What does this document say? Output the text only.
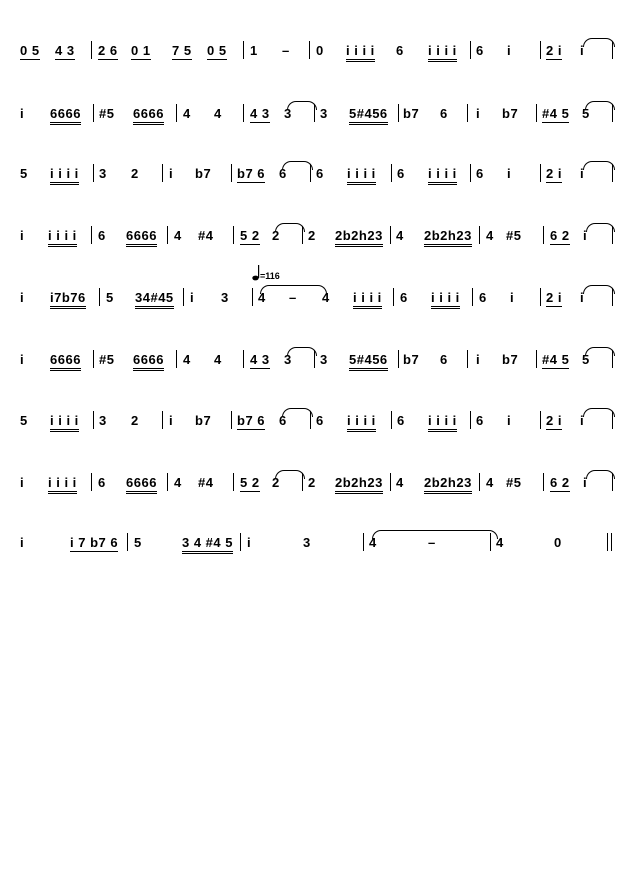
=116
0 5 4 3 2 6 0 1 7 5 0 5 1 – 0 i i i i 6 i i i i 6 i	2 i i
i 6666 #5 6666 4 4 4 3 3 3 5#456 b7 6 i b7 #4 5 5
5 i i i i 3 2 i b7 b7 6 6 6 i i i i 6 i i i i 6 i	2 i i
i i i i i 6 6666 4 #4 5 2 2 2 2b2h23 4 2b2h23 4 #5 6 2 i
i i7b76 5 34#45 i 3 4 – 4 i i i i 6 i i i i 6 i 2 i i
i 6666 #5 6666 4 4 4 3 3 3 5#456 b7 6 i b7 #4 5 5
5 i i i i 3 2 i b7 b7 6 6 6 i i i i 6 i i i i 6 i	2 i i
i i i i i 6 6666 4 #4 5 2 2 2 2b2h23 4 2b2h23 4 #5 6 2 i
i	i 7 b7 6 5	3 4 #4 5 i	3	4	–	4	0
